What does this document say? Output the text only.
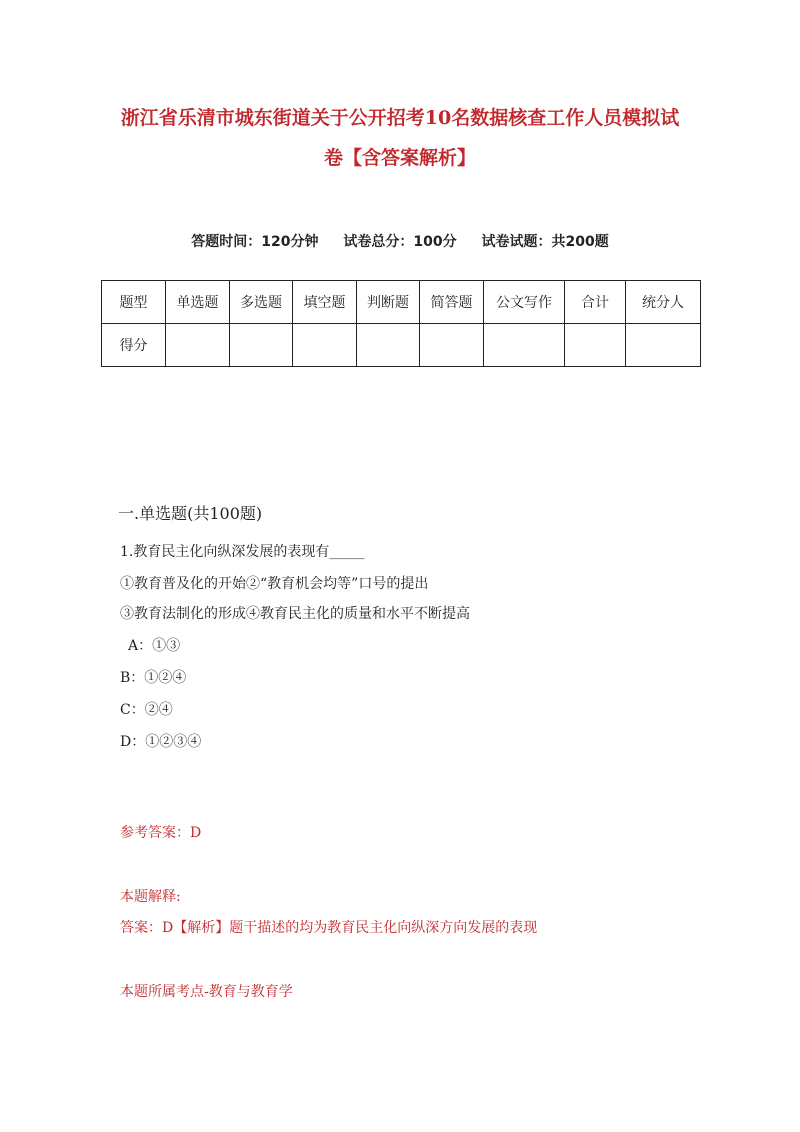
浙江省乐清市城东街道关于公开招考10名数据核查工作人员模拟试
卷【含答案解析】
答题时间：120分钟 试卷总分：100分 试卷试题：共200题
题型	单选题	多选题	填空题	判断题	简答题	公文写作	合计	统分人
得分								
一.单选题(共100题)
1.教育民主化向纵深发展的表现有_____
①教育普及化的开始②“教育机会均等”口号的提出
③教育法制化的形成④教育民主化的质量和水平不断提高
A：①③
B：①②④
C：②④
D：①②③④
参考答案：D
本题解释:
答案：D【解析】题干描述的均为教育民主化向纵深方向发展的表现
本题所属考点-教育与教育学
